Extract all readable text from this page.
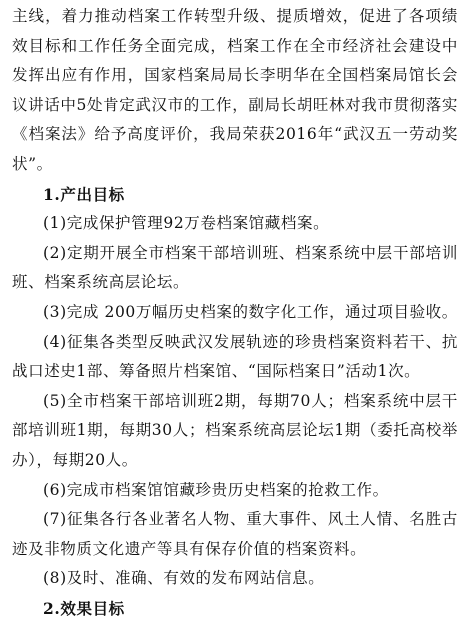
主线，着力推动档案工作转型升级、提质增效，促进了各项绩效目标和工作任务全面完成，档案工作在全市经济社会建设中发挥出应有作用，国家档案局局长李明华在全国档案局馆长会议讲话中5处肯定武汉市的工作，副局长胡旺林对我市贯彻落实《档案法》给予高度评价，我局荣获2016年“武汉五一劳动奖状”。

1.产出目标

(1)完成保护管理92万卷档案馆藏档案。

(2)定期开展全市档案干部培训班、档案系统中层干部培训班、档案系统高层论坛。

(3)完成 200万幅历史档案的数字化工作，通过项目验收。

(4)征集各类型反映武汉发展轨迹的珍贵档案资料若干、抗战口述史1部、筹备照片档案馆、“国际档案日”活动1次。

(5)全市档案干部培训班2期，每期70人；档案系统中层干部培训班1期，每期30人；档案系统高层论坛1期（委托高校举办），每期20人。

(6)完成市档案馆馆藏珍贵历史档案的抢救工作。

(7)征集各行各业著名人物、重大事件、风土人情、名胜古迹及非物质文化遗产等具有保存价值的档案资料。

(8)及时、准确、有效的发布网站信息。

2.效果目标
